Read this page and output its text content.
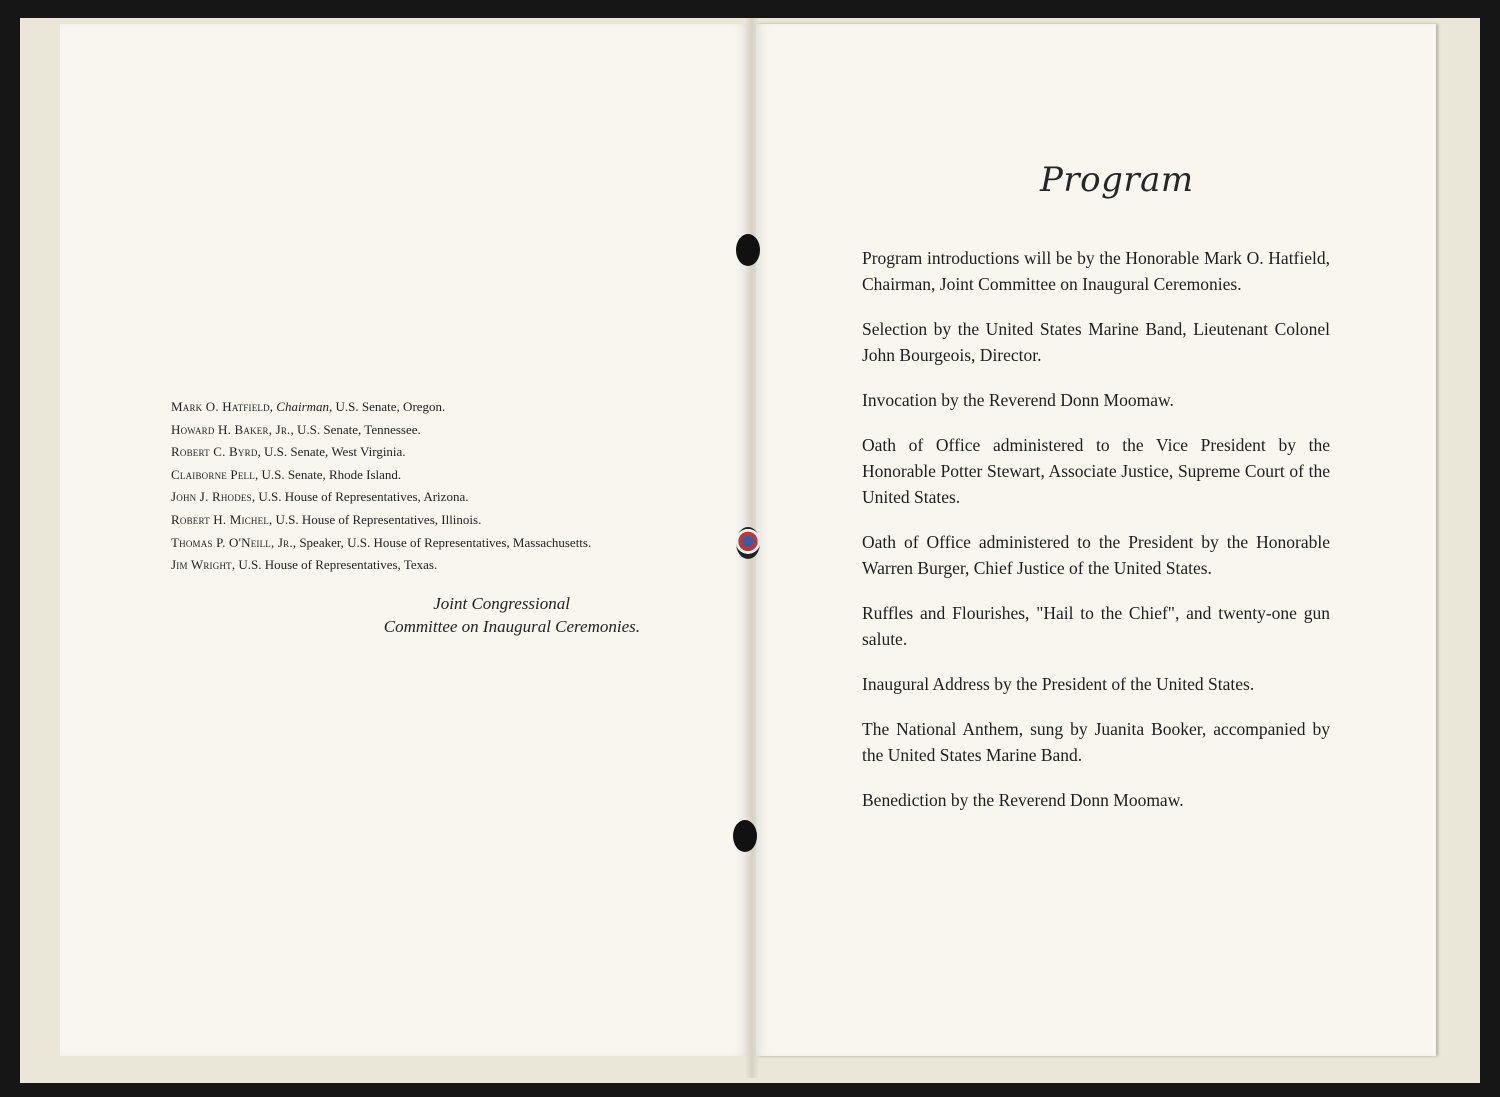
Mark O. Hatfield, Chairman, U.S. Senate, Oregon.
Howard H. Baker, Jr., U.S. Senate, Tennessee.
Robert C. Byrd, U.S. Senate, West Virginia.
Claiborne Pell, U.S. Senate, Rhode Island.
John J. Rhodes, U.S. House of Representatives, Arizona.
Robert H. Michel, U.S. House of Representatives, Illinois.
Thomas P. O'Neill, Jr., Speaker, U.S. House of Representatives, Massachusetts.
Jim Wright, U.S. House of Representatives, Texas.
Joint Congressional
Committee on Inaugural Ceremonies.
Program

Program introductions will be by the Honorable Mark O. Hatfield, Chairman, Joint Committee on Inaugural Ceremonies.

Selection by the United States Marine Band, Lieutenant Colonel John Bourgeois, Director.

Invocation by the Reverend Donn Moomaw.

Oath of Office administered to the Vice President by the Honorable Potter Stewart, Associate Justice, Supreme Court of the United States.

Oath of Office administered to the President by the Honorable Warren Burger, Chief Justice of the United States.

Ruffles and Flourishes, "Hail to the Chief", and twenty-one gun salute.

Inaugural Address by the President of the United States.

The National Anthem, sung by Juanita Booker, accompanied by the United States Marine Band.

Benediction by the Reverend Donn Moomaw.
